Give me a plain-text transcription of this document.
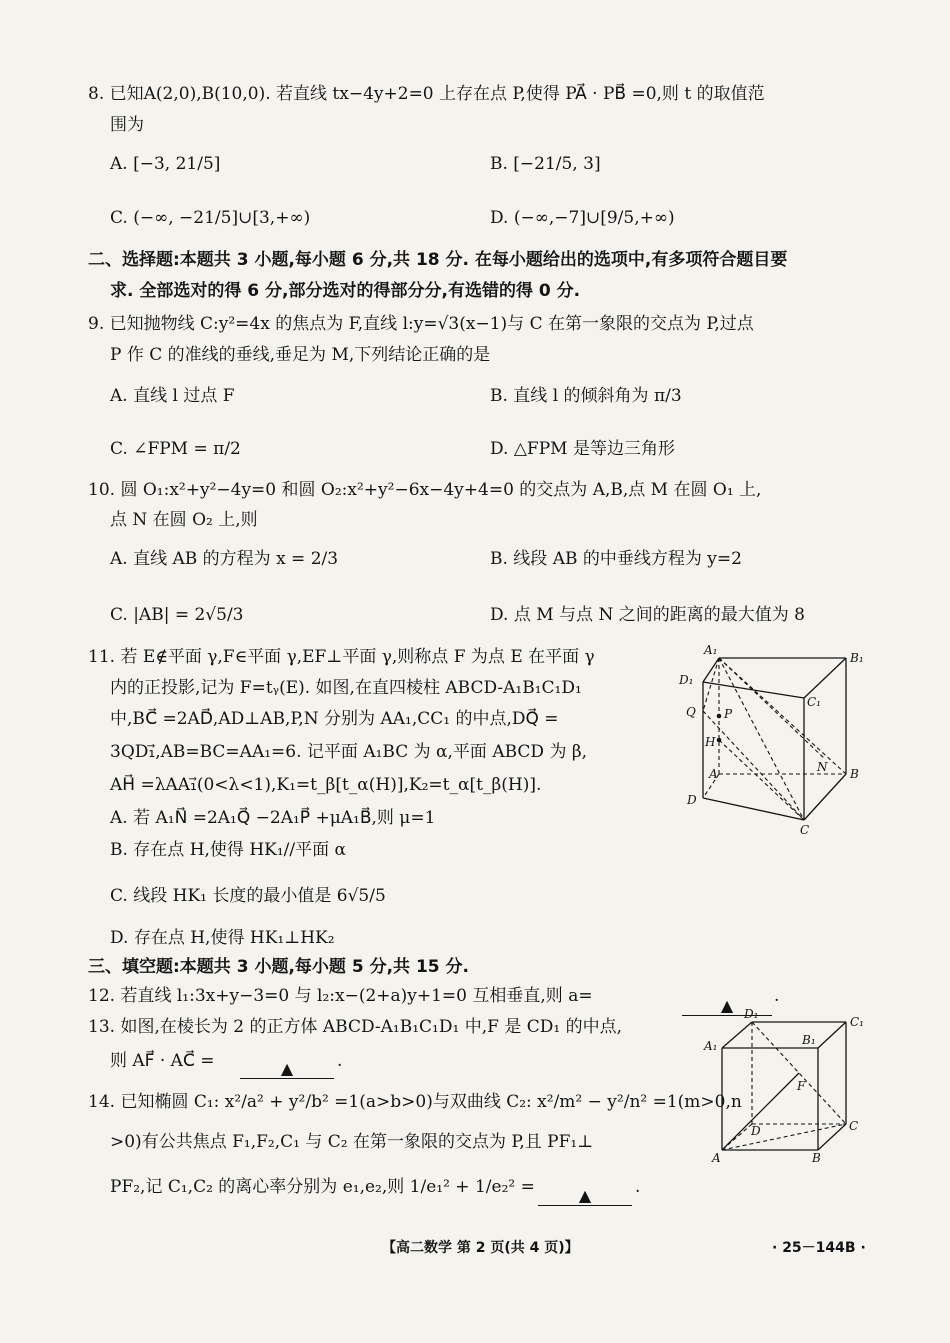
8. 已知A(2,0),B(10,0). 若直线 tx−4y+2=0 上存在点 P,使得 PA⃗ · PB⃗ =0,则 t 的取值范
围为
A. [−3, 21/5]	B. [−21/5, 3]
C. (−∞, −21/5]∪[3,+∞)	D. (−∞,−7]∪[9/5,+∞)
二、选择题:本题共 3 小题,每小题 6 分,共 18 分. 在每小题给出的选项中,有多项符合题目要
求. 全部选对的得 6 分,部分选对的得部分分,有选错的得 0 分.
9. 已知抛物线 C:y²=4x 的焦点为 F,直线 l:y=√3(x−1)与 C 在第一象限的交点为 P,过点
P 作 C 的准线的垂线,垂足为 M,下列结论正确的是
A. 直线 l 过点 F	B. 直线 l 的倾斜角为 π/3
C. ∠FPM = π/2	D. △FPM 是等边三角形
10. 圆 O₁:x²+y²−4y=0 和圆 O₂:x²+y²−6x−4y+4=0 的交点为 A,B,点 M 在圆 O₁ 上,
点 N 在圆 O₂ 上,则
A. 直线 AB 的方程为 x = 2/3	B. 线段 AB 的中垂线方程为 y=2
C. |AB| = 2√5/3	D. 点 M 与点 N 之间的距离的最大值为 8
11. 若 E∉平面 γ,F∈平面 γ,EF⊥平面 γ,则称点 F 为点 E 在平面 γ
内的正投影,记为 F=tᵧ(E). 如图,在直四棱柱 ABCD-A₁B₁C₁D₁
中,BC⃗ =2AD⃗,AD⊥AB,P,N 分别为 AA₁,CC₁ 的中点,DQ⃗ =
3QD₁⃗,AB=BC=AA₁=6. 记平面 A₁BC 为 α,平面 ABCD 为 β,
AH⃗ =λAA₁⃗(0<λ<1),K₁=t_β[t_α(H)],K₂=t_α[t_β(H)].
A. 若 A₁N⃗ =2A₁Q⃗ −2A₁P⃗ +μA₁B⃗,则 μ=1
B. 存在点 H,使得 HK₁//平面 α
C. 线段 HK₁ 长度的最小值是 6√5/5
D. 存在点 H,使得 HK₁⊥HK₂
A₁
B₁
D₁
C₁
Q P
H
A	N B
D
C
三、填空题:本题共 3 小题,每小题 5 分,共 15 分.
12. 若直线 l₁:3x+y−3=0 与 l₂:x−(2+a)y+1=0 互相垂直,则 a=	▲	.
13. 如图,在棱长为 2 的正方体 ABCD-A₁B₁C₁D₁ 中,F 是 CD₁ 的中点,
则 AF⃗ · AC⃗ =	▲	.
D₁
C₁
A₁	B₁
F
D	C
A	B
14. 已知椭圆 C₁: x²/a² + y²/b² =1(a>b>0)与双曲线 C₂: x²/m² − y²/n² =1(m>0,n
>0)有公共焦点 F₁,F₂,C₁ 与 C₂ 在第一象限的交点为 P,且 PF₁⊥
PF₂,记 C₁,C₂ 的离心率分别为 e₁,e₂,则 1/e₁² + 1/e₂² =	▲	.
【高二数学 第 2 页(共 4 页)】	· 25－144B ·
